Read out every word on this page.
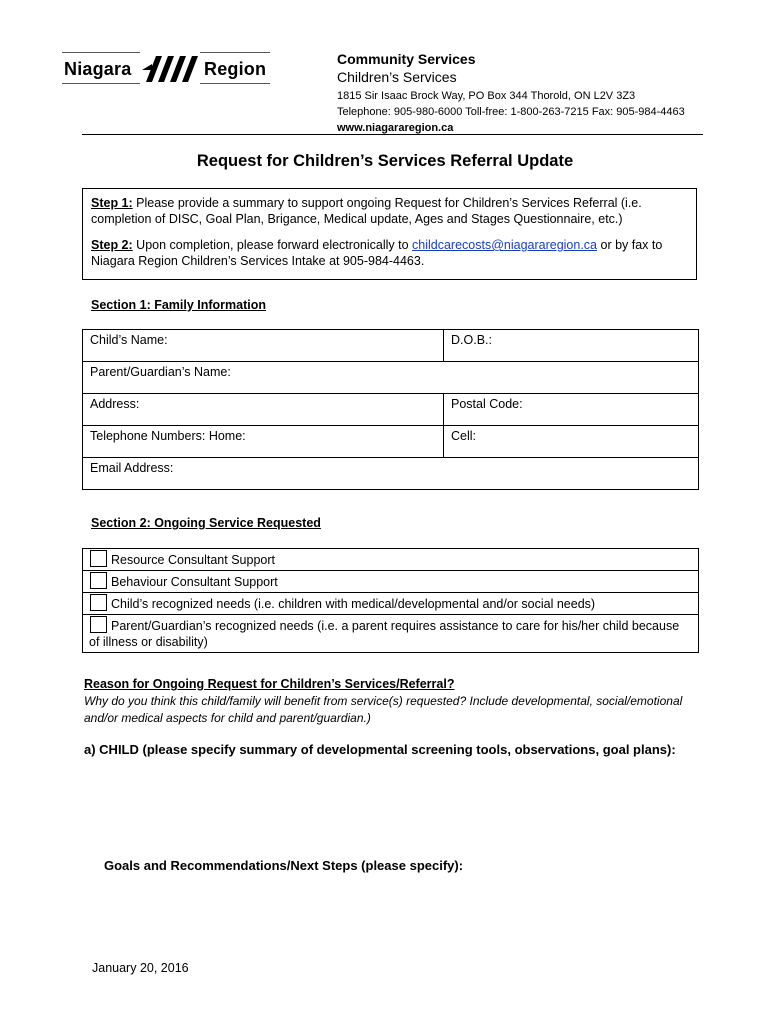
Niagara	Region	Community Services
Children’s Services
1815 Sir Isaac Brock Way, PO Box 344 Thorold, ON L2V 3Z3
Telephone: 905-980-6000 Toll-free: 1-800-263-7215 Fax: 905-984-4463
www.niagararegion.ca
Request for Children’s Services Referral Update

Step 1: Please provide a summary to support ongoing Request for Children’s Services Referral (i.e. completion of DISC, Goal Plan, Brigance, Medical update, Ages and Stages Questionnaire, etc.)

Step 2: Upon completion, please forward electronically to childcarecosts@niagararegion.ca or by fax to Niagara Region Children’s Services Intake at 905-984-4463.

Section 1: Family Information
Child’s Name:	D.O.B.:
Parent/Guardian’s Name:	
Address:	Postal Code:
Telephone Numbers: Home:	Cell:
Email Address:	
Section 2: Ongoing Service Requested
Resource Consultant Support
Behaviour Consultant Support
Child’s recognized needs (i.e. children with medical/developmental and/or social needs)
Parent/Guardian’s recognized needs (i.e. a parent requires assistance to care for his/her child because of illness or disability)
Reason for Ongoing Request for Children’s Services/Referral?
Why do you think this child/family will benefit from service(s) requested? Include developmental, social/emotional and/or medical aspects for child and parent/guardian.)
a) CHILD (please specify summary of developmental screening tools, observations, goal plans):
Goals and Recommendations/Next Steps (please specify):
January 20, 2016
